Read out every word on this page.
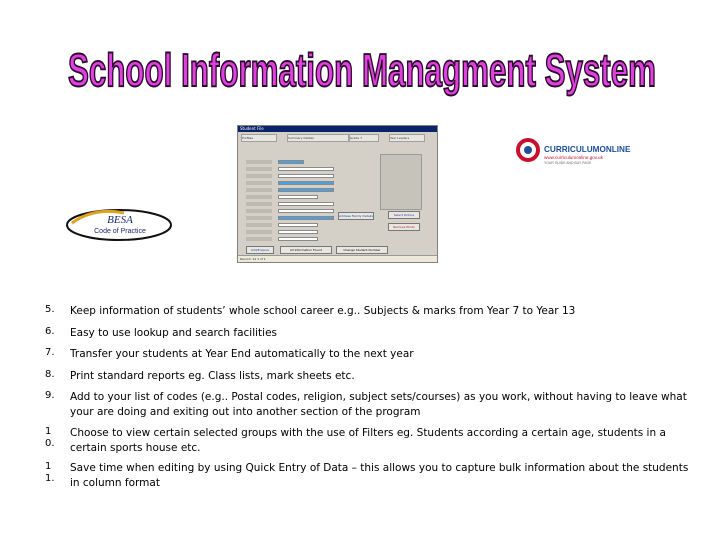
School Information Managment System
Student File
Profiles	Summary Details	Grade 7	Year Leaders
Address Family Details	Select Picture
Remove Photo
Add/Enquire	All Information Found	Change Student Number
Record: 14 1 of 1
BESA
Code of Practice
CURRICULUMONLINE
www.curriculumonline.gov.uk
YOUR GUIDE AND BUY PAGE
5.	Keep information of students’ whole school career e.g.. Subjects & marks from Year 7 to Year 13
6.	Easy to use lookup and search facilities
7.	Transfer your students at Year End automatically to the next year
8.	Print standard reports eg. Class lists, mark sheets etc.
9.	Add to your list of codes (e.g.. Postal codes, religion, subject sets/courses) as you work, without having to leave what your are doing and exiting out into another section of the program
1 0.
Choose to view certain selected groups with the use of Filters eg. Students according a certain age, students in a certain sports house etc.
1 1.
Save time when editing by using Quick Entry of Data – this allows you to capture bulk information about the students in column format
